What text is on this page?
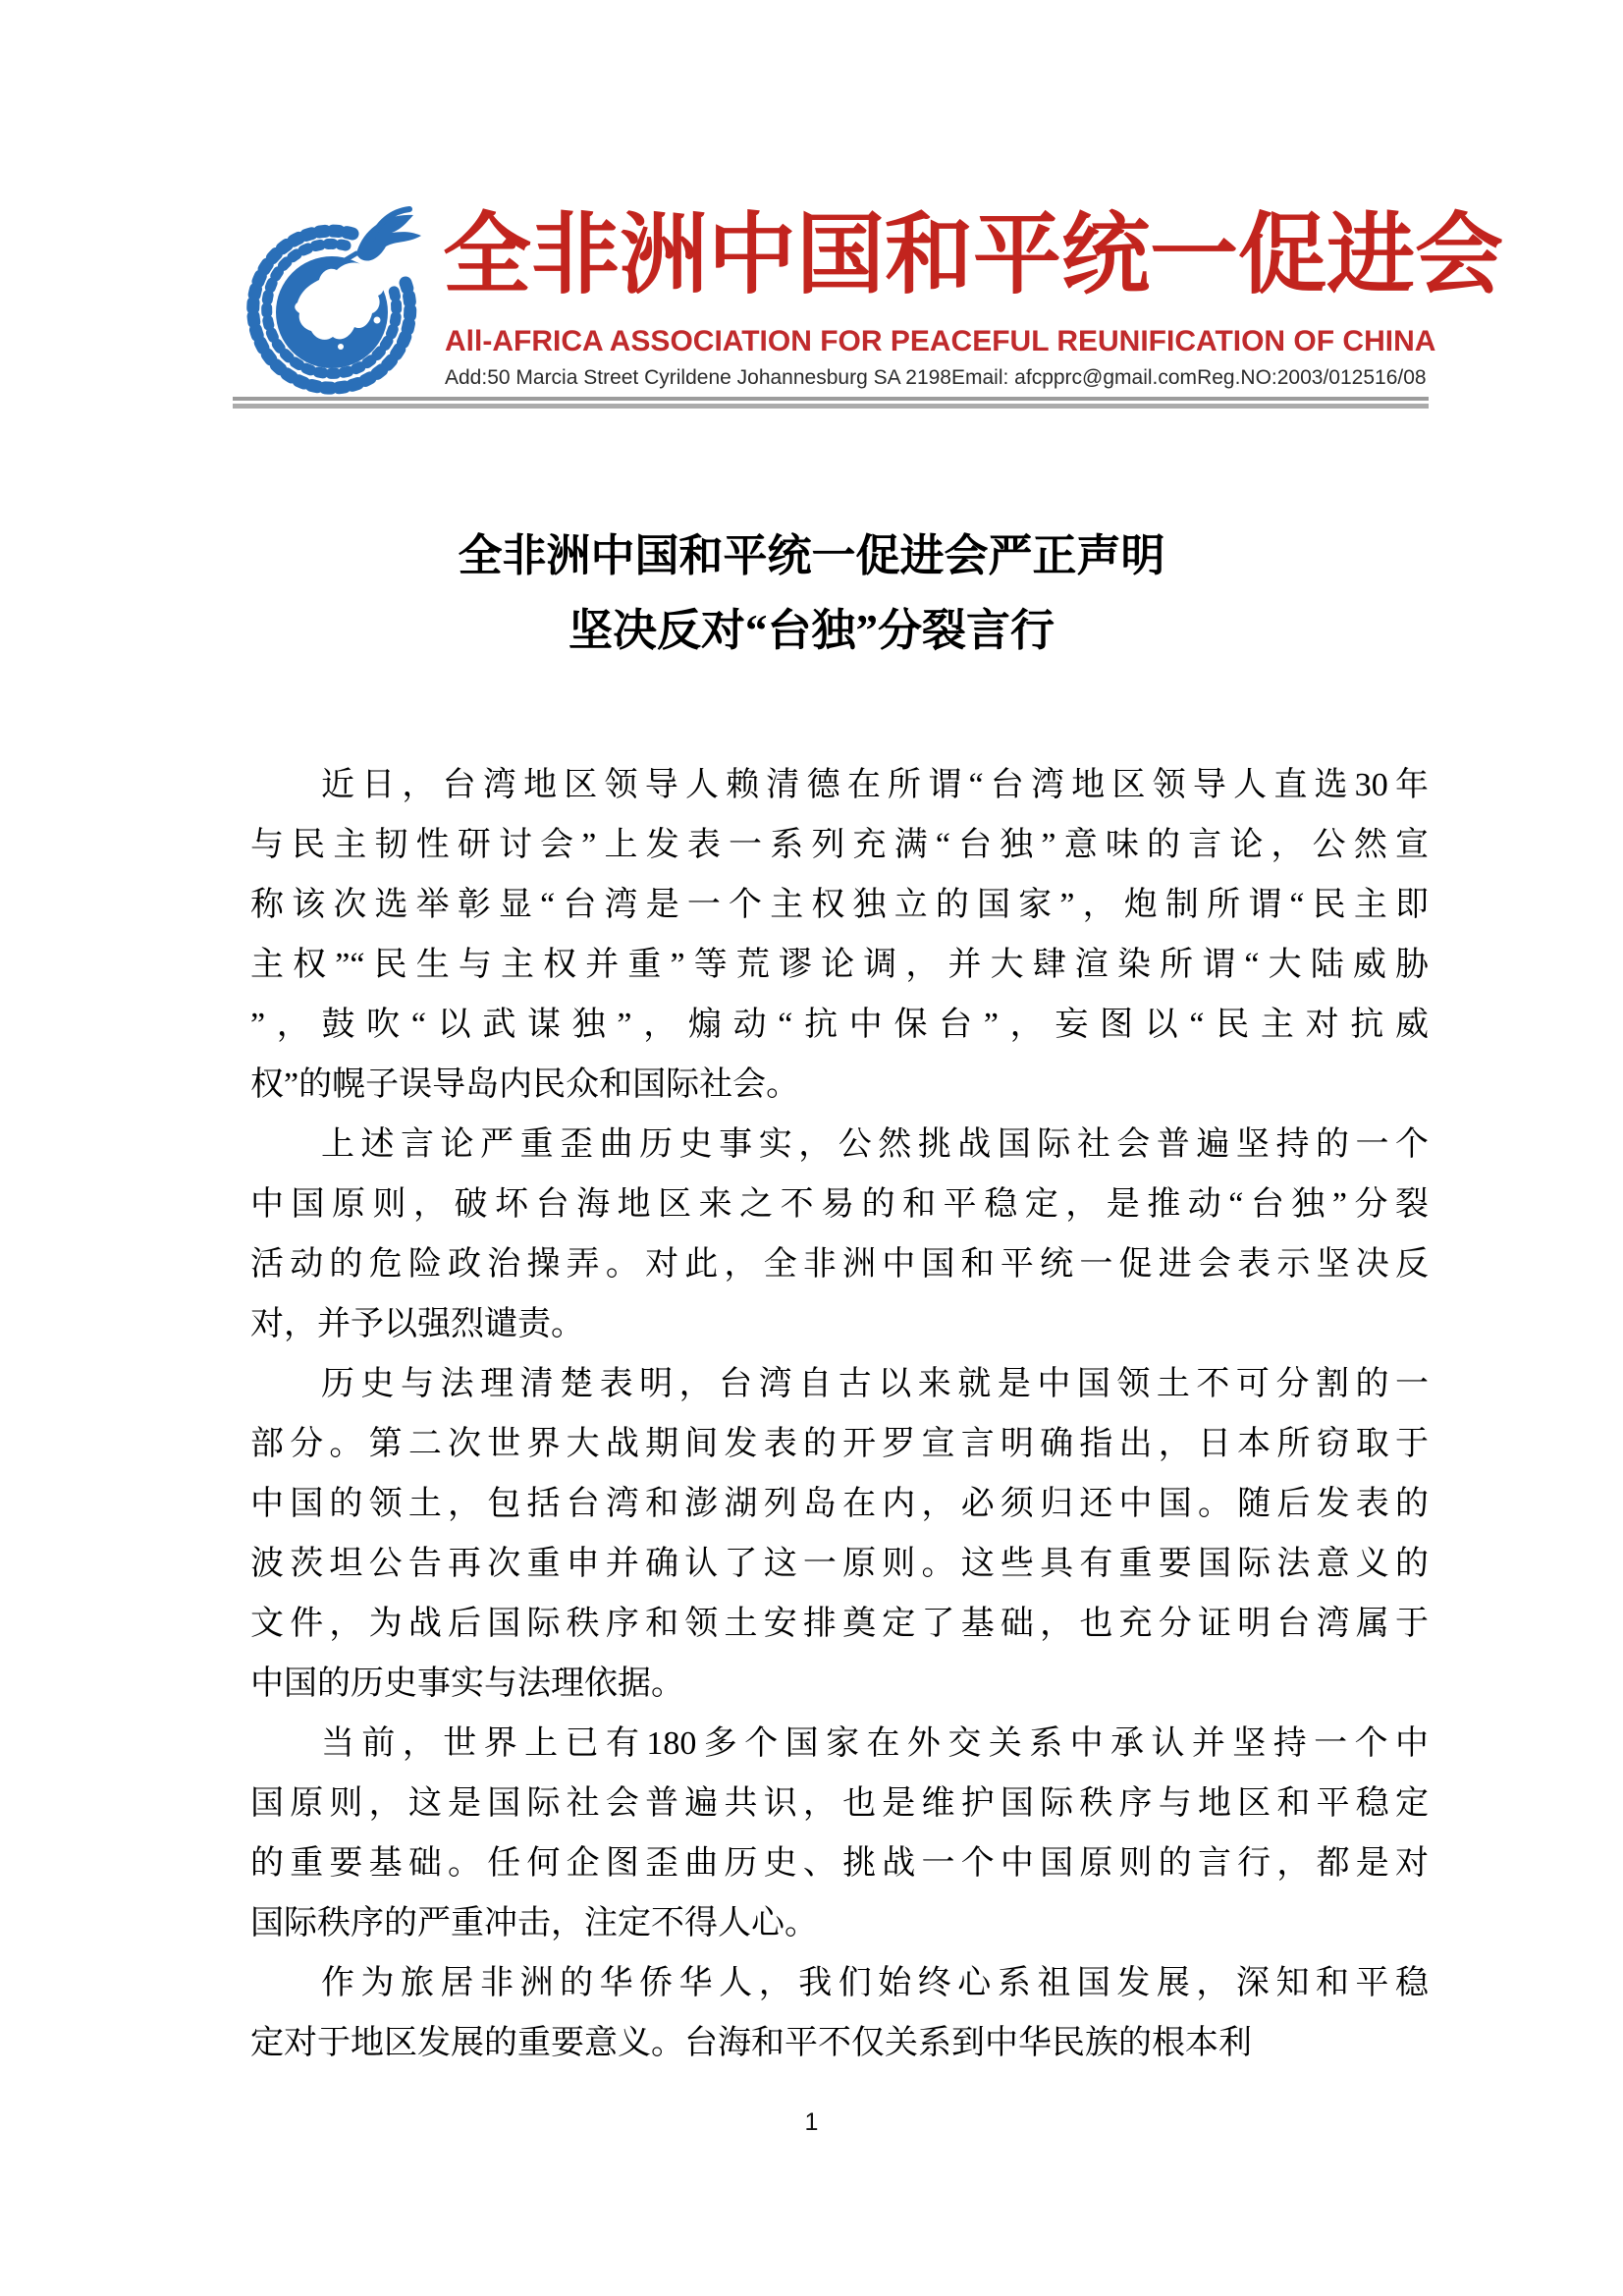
全非洲中国和平统一促进会
All-AFRICA ASSOCIATION FOR PEACEFUL REUNIFICATION OF CHINA
Add:50 Marcia Street Cyrildene Johannesburg SA 2198 Email: afcpprc@gmail.com Reg.NO:2003/012516/08
全非洲中国和平统一促进会严正声明
坚决反对“台独”分裂言行
近日，台湾地区领导人赖清德在所谓“台湾地区领导人直选30年
与民主韧性研讨会”上发表一系列充满“台独”意味的言论，公然宣
称该次选举彰显“台湾是一个主权独立的国家”，炮制所谓“民主即
主权”“民生与主权并重”等荒谬论调，并大肆渲染所谓“大陆威胁
”，鼓吹“以武谋独”，煽动“抗中保台”，妄图以“民主对抗威
权”的幌子误导岛内民众和国际社会。
上述言论严重歪曲历史事实，公然挑战国际社会普遍坚持的一个
中国原则，破坏台海地区来之不易的和平稳定，是推动“台独”分裂
活动的危险政治操弄。对此，全非洲中国和平统一促进会表示坚决反
对，并予以强烈谴责。
历史与法理清楚表明，台湾自古以来就是中国领土不可分割的一
部分。第二次世界大战期间发表的开罗宣言明确指出，日本所窃取于
中国的领土，包括台湾和澎湖列岛在内，必须归还中国。随后发表的
波茨坦公告再次重申并确认了这一原则。这些具有重要国际法意义的
文件，为战后国际秩序和领土安排奠定了基础，也充分证明台湾属于
中国的历史事实与法理依据。
当前，世界上已有180多个国家在外交关系中承认并坚持一个中
国原则，这是国际社会普遍共识，也是维护国际秩序与地区和平稳定
的重要基础。任何企图歪曲历史、挑战一个中国原则的言行，都是对
国际秩序的严重冲击，注定不得人心。
作为旅居非洲的华侨华人，我们始终心系祖国发展，深知和平稳
定对于地区发展的重要意义。台海和平不仅关系到中华民族的根本利
1
